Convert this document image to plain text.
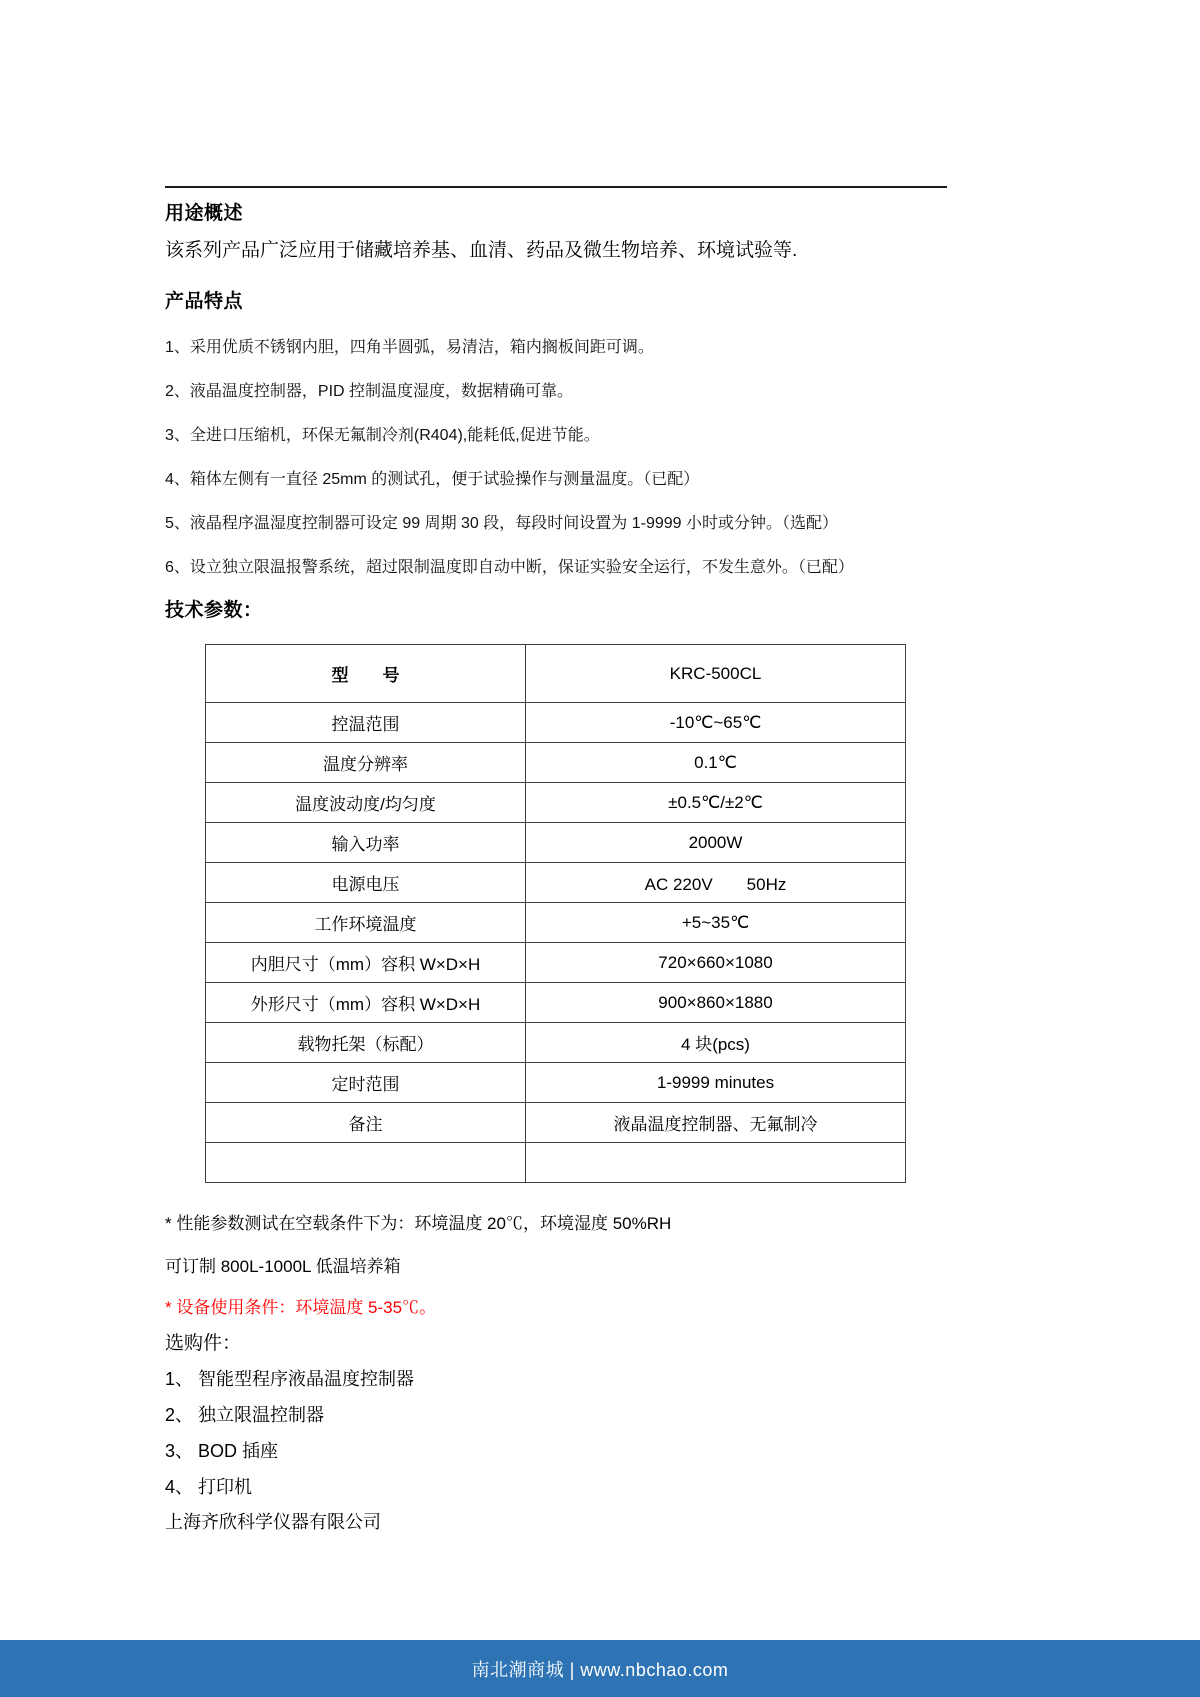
用途概述

该系列产品广泛应用于储藏培养基、血清、药品及微生物培养、环境试验等.

产品特点

1、采用优质不锈钢内胆，四角半圆弧，易清洁，箱内搁板间距可调。

2、液晶温度控制器，PID 控制温度湿度，数据精确可靠。

3、全进口压缩机，环保无氟制冷剂(R404),能耗低,促进节能。

4、箱体左侧有一直径 25mm 的测试孔，便于试验操作与测量温度。（已配）

5、液晶程序温湿度控制器可设定 99 周期 30 段，每段时间设置为 1-9999 小时或分钟。（选配）

6、设立独立限温报警系统，超过限制温度即自动中断，保证实验安全运行，不发生意外。（已配）

技术参数：
型　　号	KRC-500CL
控温范围	-10℃~65℃
温度分辨率	0.1℃
温度波动度/均匀度	±0.5℃/±2℃
输入功率	2000W
电源电压	AC 220V　　50Hz
工作环境温度	+5~35℃
内胆尺寸（mm）容积 W×D×H	720×660×1080
外形尺寸（mm）容积 W×D×H	900×860×1880
载物托架（标配）	4 块(pcs)
定时范围	1-9999 minutes
备注	液晶温度控制器、无氟制冷

* 性能参数测试在空载条件下为：环境温度 20℃，环境湿度 50%RH

可订制 800L-1000L 低温培养箱

* 设备使用条件：环境温度 5-35℃。

选购件：

1、 智能型程序液晶温度控制器

2、 独立限温控制器

3、 BOD 插座

4、 打印机

上海齐欣科学仪器有限公司

南北潮商城 | www.nbchao.com
